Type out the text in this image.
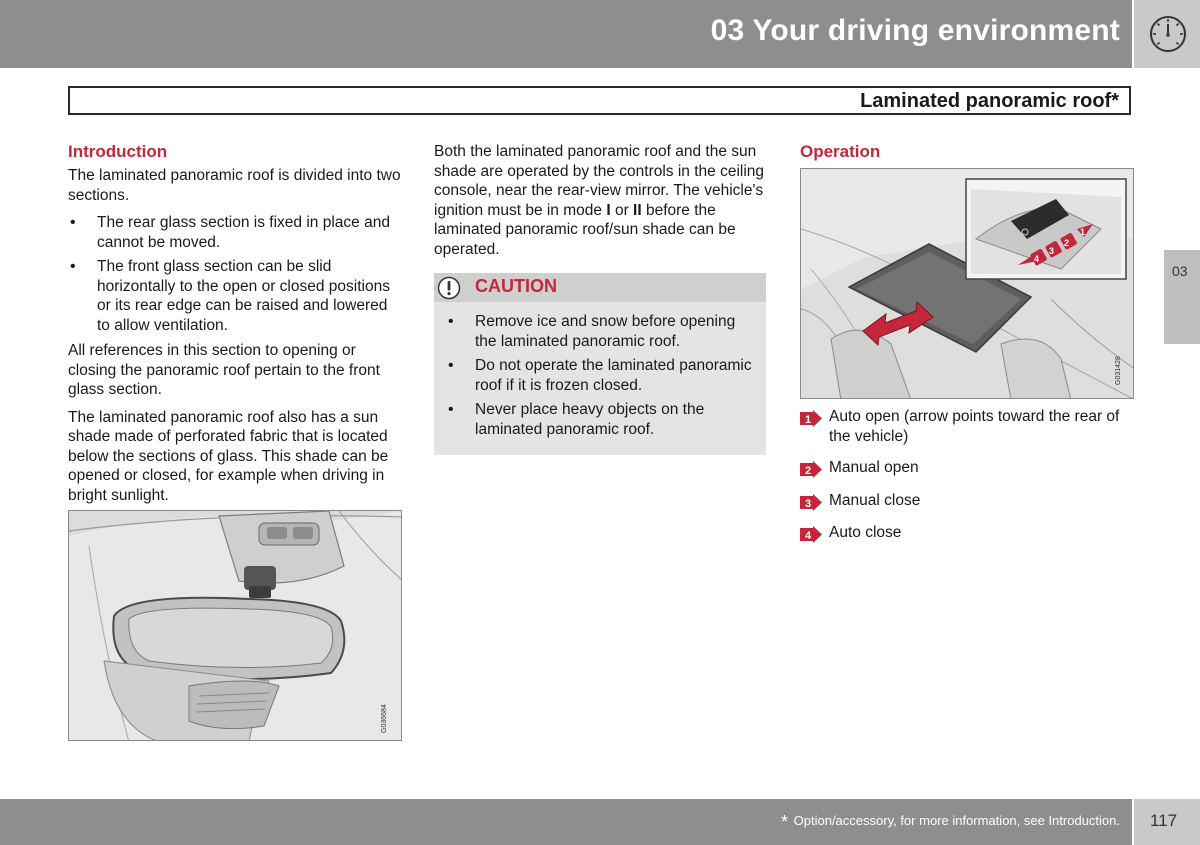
03 Your driving environment
Laminated panoramic roof*
03
Introduction

The laminated panoramic roof is divided into two sections.

• The rear glass section is fixed in place and cannot be moved.
• The front glass section can be slid horizontally to the open or closed positions or its rear edge can be raised and lowered to allow ventilation.

All references in this section to opening or closing the panoramic roof pertain to the front glass section.

The laminated panoramic roof also has a sun shade made of perforated fabric that is located below the sections of glass. This shade can be opened or closed, for example when driving in bright sunlight.

G036684

Both the laminated panoramic roof and the sun shade are operated by the controls in the ceiling console, near the rear-view mirror. The vehicle's ignition must be in mode I or II before the laminated panoramic roof/sun shade can be operated.

CAUTION
• Remove ice and snow before opening the laminated panoramic roof.
• Do not operate the laminated panoramic roof if it is frozen closed.
• Never place heavy objects on the laminated panoramic roof.
Operation
4
3
2
1
G031428
1 Auto open (arrow points toward the rear of the vehicle)
2 Manual open
3 Manual close
4 Auto close
* Option/accessory, for more information, see Introduction. 117
